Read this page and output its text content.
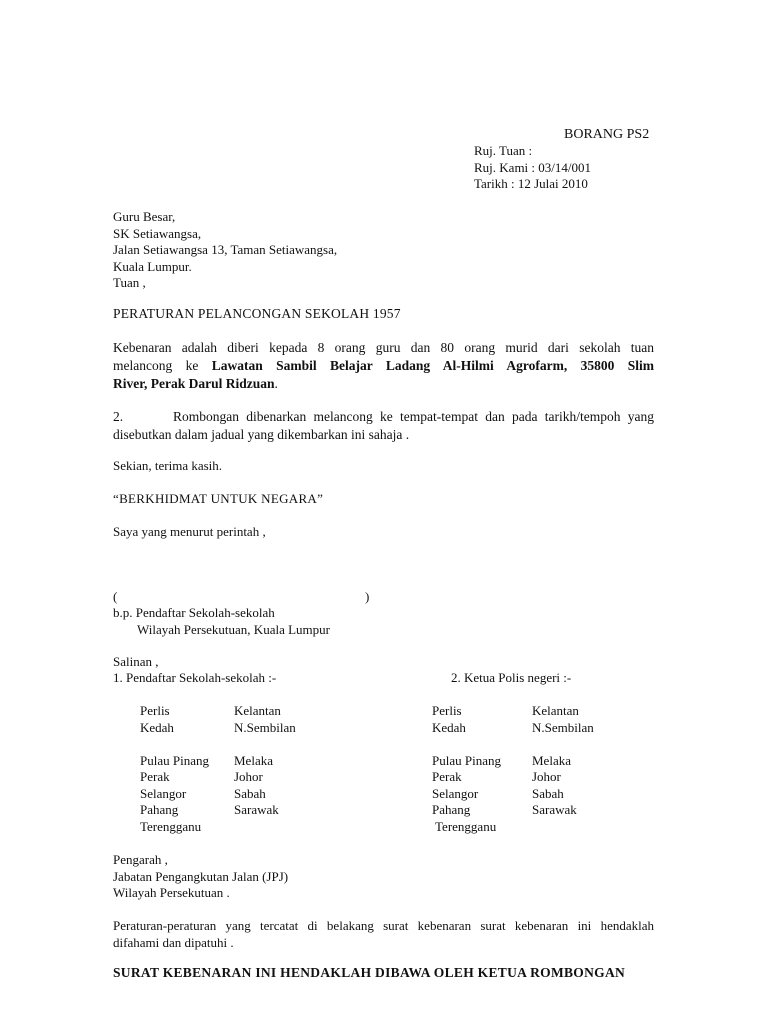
BORANG PS2
Ruj. Tuan :
Ruj. Kami : 03/14/001
Tarikh : 12 Julai 2010
Guru Besar,
SK Setiawangsa,
Jalan Setiawangsa 13, Taman Setiawangsa,
Kuala Lumpur.
Tuan ,
PERATURAN PELANCONGAN SEKOLAH 1957
Kebenaran adalah diberi kepada 8 orang guru dan 80 orang murid dari sekolah tuan
melancong ke Lawatan Sambil Belajar Ladang Al-Hilmi Agrofarm, 35800 Slim
River, Perak Darul Ridzuan.
2.	Rombongan dibenarkan melancong ke tempat-tempat dan pada tarikh/tempoh yang
disebutkan dalam jadual yang dikembarkan ini sahaja .
Sekian, terima kasih.
“BERKHIDMAT UNTUK NEGARA”
Saya yang menurut perintah ,
(	)
b.p. Pendaftar Sekolah-sekolah
Wilayah Persekutuan, Kuala Lumpur
Salinan ,
1. Pendaftar Sekolah-sekolah :-	2. Ketua Polis negeri :-
Perlis	Kelantan
Kedah	N.Sembilan
Pulau Pinang	Melaka
Perak	Johor
Selangor	Sabah
Pahang	Sarawak
Terengganu
Perlis	Kelantan
Kedah	N.Sembilan
Pulau Pinang	Melaka
Perak	Johor
Selangor	Sabah
Pahang	Sarawak
Terengganu
Pengarah ,
Jabatan Pengangkutan Jalan (JPJ)
Wilayah Persekutuan .
Peraturan-peraturan yang tercatat di belakang surat kebenaran surat kebenaran ini hendaklah
difahami dan dipatuhi .
SURAT KEBENARAN INI HENDAKLAH DIBAWA OLEH KETUA ROMBONGAN
